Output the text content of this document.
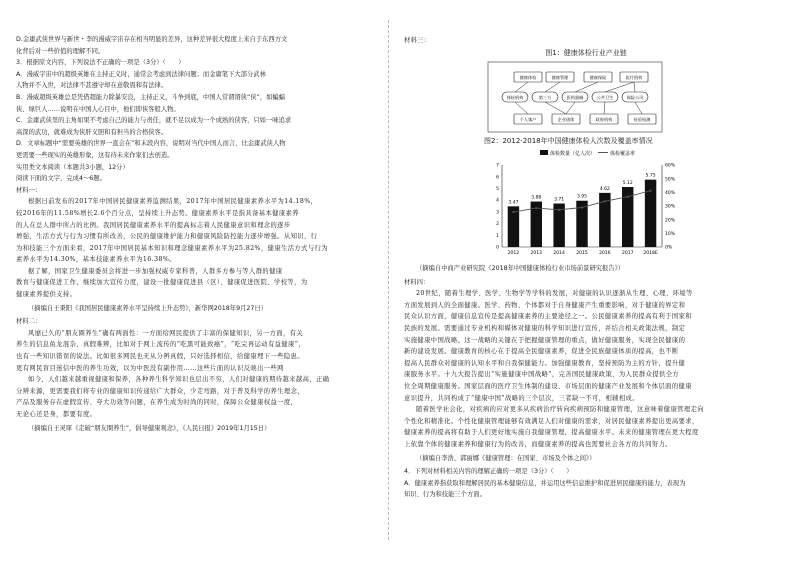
D.金庸武侠世界与新世・李的漫威宇宙存在相当明显的差异，这种差异很大程度上来自于东西方文
化背后对一些价值的理解不同。
3．根据原文内容，下列说法不正确的一项是（3分）（　　）
A．漫威宇宙中的超级英雄在主持正义时，通常会考虑到法律问题；而金庸笔下大部分武林
人物并不入世，对法律不甚遵守却在意敬畏和有法律。
B．漫威超级英雄总是凭借超能力除暴安良，主持正义，斗争到底，中国人常谓谓侠“侠”，如蝙蝠
侠、绿巨人……说明在中国人心目中，他们即侠客般人物。
C．金庸武侠里的主角如果不考虑自己的能力与责任，就不足以成为一个成熟的侠客，只如一味追求
高深的武功，就难成为侠肝义胆和有担当的合格侠客。
D．文章标题中“需要英雄的世界一直会在”和末段内容，说明对当代中国人而言，比金庸武侠人物
更需要一些现实的英雄形象，这有待未来作家们去创造。
实用类文本阅读（本题共3小题，12分）
阅读下面的文字，完成4～6题。
材料一：
根据日前发布的2017年中国居民健康素养监测结果，2017年中国居民健康素养水平为14.18%，
较2016年的11.58%增长2.6个百分点，呈持续上升态势。健康素养水平是指具备基本健康素养
的人在总人群中所占的比例。我国居民健康素养水平的提高标志着人民健康意识和理念的逐步
增强，生活方式与行为习惯有所改善，公民的健康维护能力和健康风险防控能力逐步增强。从知识、行
为和技能三个方面来看，2017年中国居民基本知识和理念健康素养水平为25.82%，健康生活方式与行为
素养水平为14.30%，基本技能素养水平为16.38%。
据了解，国家卫生健康委员会将进一步加强权威专家科普，人群多方参与等人群的健康
教育与健康促进工作，继续加大宣传力度，建设一批健康促进县（区）、健康促进医院、学校等，为
健康素养提供支持。
（摘编自王秉阳《我国居民健康素养水平呈持续上升态势》，新华网2018年9月27日）
材料二：
风靡已久的“朋友圈养生”确有两面性：一方面给网民提供了丰富的保健知识，另一方面，有关
养生的信息鱼龙混杂，真假难辨，比如对于网上流传的“吃黑可能致癌”，“吃完再运动有益健康”，
也有一些知识错误的说法。比如很多网民也无从分辨真假，只好选择相信，给健康埋下一些隐患。
更有网民盲目迷信中医的养生功效，以为中医没有副作用……这些片面的认识反映出一些网
如今，人们越来越重视健康和保养，各种养生科学知识也层出不穷，人们对健康的期待越来越高，正确
分辨来源，更需要我们将专业的健康知识传递给广大群众，少走弯路，对于普及科学的养生理念，
产品及服务存在虚假宣传、夸大功效等问题，在养生成为时尚的同时，保障公众健康权益一度，
无论心还是身，都要有度。
（摘编自王灵犀《走破“朋友圈养生”，倡导健康观念》，《人民日报》2019年1月15日）
材料三：
图1：健康体检行业产业链
健康体检	健康管理	健康保险	医疗机构
体检机构	第三方	医药器械	公共卫生	保险公司
个人客户	企业团体	政府机构	检验检测
图2：2012-2018年中国健康体检人次数及覆盖率情况
体检数量（亿人次）	体检覆盖率
0
1
2
3
4
5
6
7
0%
10%
20%
30%
40%
50%
60%
3.47
2012
3.88
2013
3.71
2014
3.95
2015
4.62
2016
5.12
2017
5.75
2018E
（摘编自中商产业研究院《2018年中国健康体检行业市场前景研究报告》）
材料四：
20世纪，随着生理学、医学、生物学等学科的发展，对健康的认识逐渐从生理、心理、环境等
方面发展到人的全面健康。医学、药物、个体都对于自身健康产生重要影响，对于健康的界定和
民众认识方面，健康信息宣传是提高健康素养的主要途径之一。公民健康素养的提高有利于国家和
民族的发展。需要通过专业机构和媒体对健康的科学知识进行宣传，并结合相关政策法规，制定
实施健康中国战略。这一战略的关键在于把握健康管理的重点，做好健康服务，实现全民健康的
新的建设发展。健康教育的核心在于提高全民健康素养，促进全民族健康体质的提高，也不断
提高人民群众对健康的认知水平和自我保健能力。加强健康教育，坚持预防为主的方针，提升健
康服务水平。十九大报告提出“实施健康中国战略”，完善国民健康政策，为人民群众提供全方
位全周期健康服务。国家层面的医疗卫生体制的建设、市场层面的健康产业发展和个体层面的健康
意识提升，共同构成了“健康中国”战略的三个层次，三者缺一不可，相辅相成。
随着医学社会化，对疾病的应对更多从疾病治疗转向疾病预防和健康管理，这意味着健康管理走向
个性化和精准化。个性化健康管理能够有效满足人们对健康的需求，对居民健康素养提出更高要求，
健康素养的提高将有助于人们更好地实施自我健康管理，提高健康水平。未来的健康管理在更大程度
上依靠个体的健康素养和健康行为的改善，而健康素养的提高也需要社会各方的共同努力。
（摘编自李浩、郭丽娜《健康管理：在国家、市场及个体之间》）
4．下列对材料相关内容的理解正确的一项是（3分）（　　）
A．健康素养指获取和理解居民的基本健康信息，并运用这些信息维护和促进居民健康的能力，表现为
知识、行为和技能三个方面。
